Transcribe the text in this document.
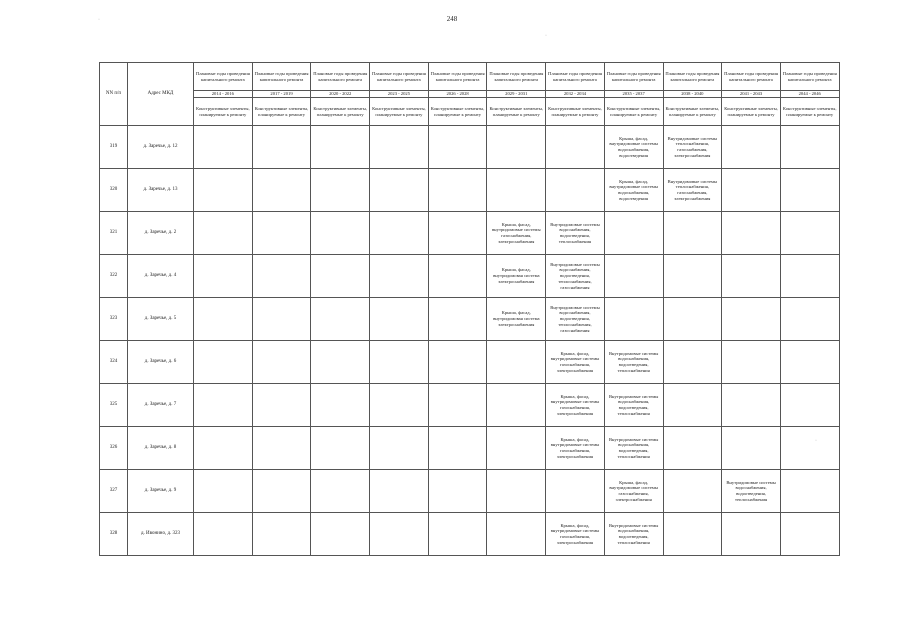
248
NN п/п	Адрес МКД	Плановые годы проведения капитального ремонта	Плановые годы проведения капитального ремонта	Плановые годы проведения капитального ремонта	Плановые годы проведения капитального ремонта	Плановые годы проведения капитального ремонта	Плановые годы проведения капитального ремонта	Плановые годы проведения капитального ремонта	Плановые годы проведения капитального ремонта	Плановые годы проведения капитального ремонта	Плановые годы проведения капитального ремонта	Плановые годы проведения капитального ремонта
		2014 - 2016	2017 - 2019	2020 - 2022	2023 - 2025	2026 - 2028	2029 - 2031	2032 - 2034	2035 - 2037	2038 - 2040	2041 - 2043	2044 - 2046
		Конструктивные элементы, планируемые к ремонту	Конструктивные элементы, планируемые к ремонту	Конструктивные элементы, планируемые к ремонту	Конструктивные элементы, планируемые к ремонту	Конструктивные элементы, планируемые к ремонту	Конструктивные элементы, планируемые к ремонту	Конструктивные элементы, планируемые к ремонту	Конструктивные элементы, планируемые к ремонту	Конструктивные элементы, планируемые к ремонту	Конструктивные элементы, планируемые к ремонту	Конструктивные элементы, планируемые к ремонту
319	д. Заречье, д. 12								Крыша, фасад, внутридомовые системы водоснабжения, водоотведения	Внутридомовые системы теплоснабжения, газоснабжения, электроснабжения		
320	д. Заречье, д. 13								Крыша, фасад, внутридомовые системы водоснабжения, водоотведения	Внутридомовые системы теплоснабжения, газоснабжения, электроснабжения		
321	д. Заречье, д. 2						Крыша, фасад, внутридомовые системы газоснабжения, электроснабжения	Внутридомовые системы водоснабжения, водоотведения, теплоснабжения				
322	д. Заречье, д. 4						Крыша, фасад, внутридомовая система электроснабжения	Внутридомовые системы водоснабжения, водоотведения, теплоснабжения, газоснабжения				
323	д. Заречье, д. 5						Крыша, фасад, внутридомовая система электроснабжения	Внутридомовые системы водоснабжения, водоотведения, теплоснабжения, газоснабжения				
324	д. Заречье, д. 6							Крыша, фасад, внутридомовые системы газоснабжения, электроснабжения	Внутридомовые системы водоснабжения, водоотведения, теплоснабжения			
325	д. Заречье, д. 7							Крыша, фасад, внутридомовые системы газоснабжения, электроснабжения	Внутридомовые системы водоснабжения, водоотведения, теплоснабжения			
326	д. Заречье, д. 8							Крыша, фасад, внутридомовые системы газоснабжения, электроснабжения	Внутридомовые системы водоснабжения, водоотведения, теплоснабжения			
327	д. Заречье, д. 9								Крыша, фасад, внутридомовые системы газоснабжения, электроснабжения		Внутридомовые системы водоснабжения, водоотведения, теплоснабжения	
328	д. Ивонино, д. 323							Крыша, фасад, внутридомовые системы газоснабжения, электроснабжения	Внутридомовые системы водоснабжения, водоотведения, теплоснабжения			
·
·
·
